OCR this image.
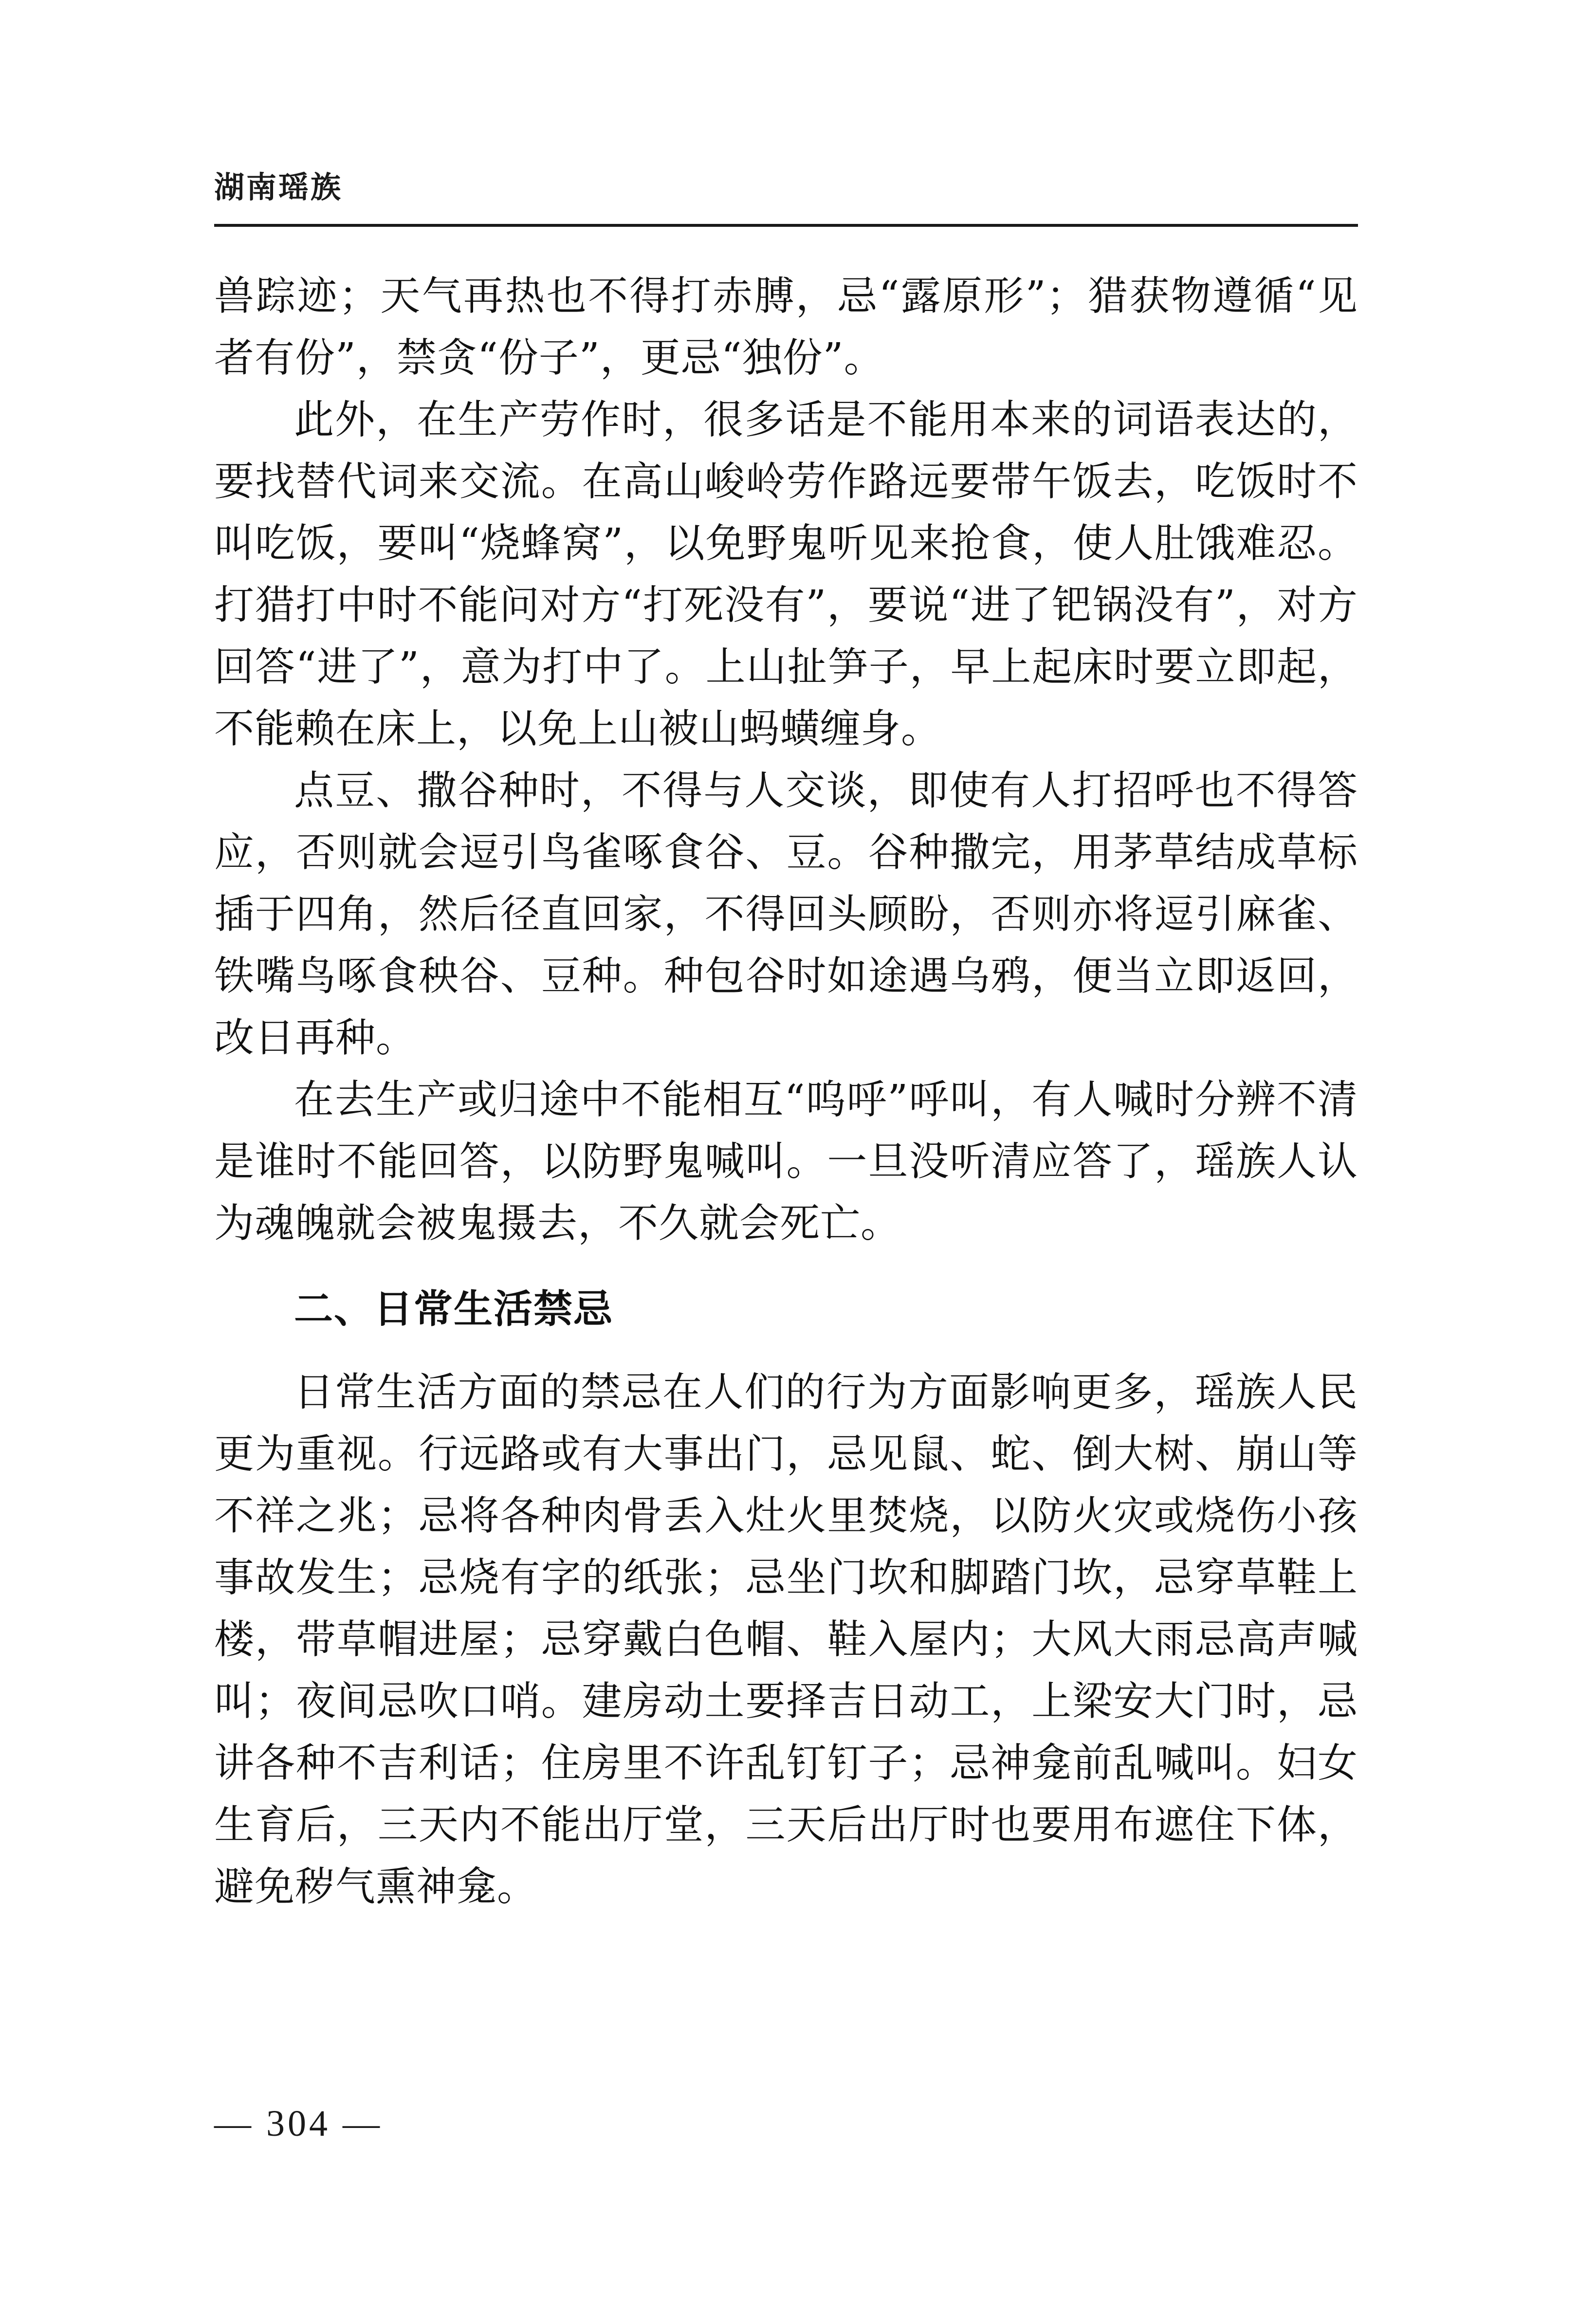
湖南瑶族

兽踪迹；天气再热也不得打赤膊，忌“露原形”；猎获物遵循“见者有份”，禁贪“份子”，更忌“独份”。

此外，在生产劳作时，很多话是不能用本来的词语表达的，要找替代词来交流。在高山峻岭劳作路远要带午饭去，吃饭时不叫吃饭，要叫“烧蜂窝”，以免野鬼听见来抢食，使人肚饿难忍。打猎打中时不能问对方“打死没有”，要说“进了钯锅没有”，对方回答“进了”，意为打中了。上山扯笋子，早上起床时要立即起，不能赖在床上，以免上山被山蚂蟥缠身。

点豆、撒谷种时，不得与人交谈，即使有人打招呼也不得答应，否则就会逗引鸟雀啄食谷、豆。谷种撒完，用茅草结成草标插于四角，然后径直回家，不得回头顾盼，否则亦将逗引麻雀、铁嘴鸟啄食秧谷、豆种。种包谷时如途遇乌鸦，便当立即返回，改日再种。

在去生产或归途中不能相互“呜呼”呼叫，有人喊时分辨不清是谁时不能回答，以防野鬼喊叫。一旦没听清应答了，瑶族人认为魂魄就会被鬼摄去，不久就会死亡。

二、日常生活禁忌

日常生活方面的禁忌在人们的行为方面影响更多，瑶族人民更为重视。行远路或有大事出门，忌见鼠、蛇、倒大树、崩山等不祥之兆；忌将各种肉骨丢入灶火里焚烧，以防火灾或烧伤小孩事故发生；忌烧有字的纸张；忌坐门坎和脚踏门坎，忌穿草鞋上楼，带草帽进屋；忌穿戴白色帽、鞋入屋内；大风大雨忌高声喊叫；夜间忌吹口哨。建房动土要择吉日动工，上梁安大门时，忌讲各种不吉利话；住房里不许乱钉钉子；忌神龛前乱喊叫。妇女生育后，三天内不能出厅堂，三天后出厅时也要用布遮住下体，避免秽气熏神龛。

— 304 —
